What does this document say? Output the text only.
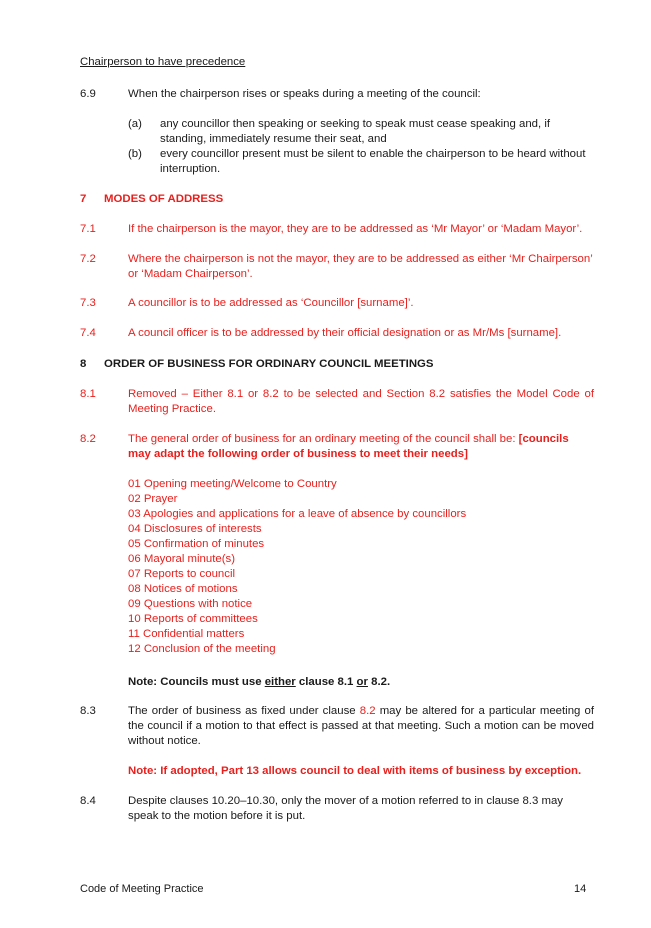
Chairperson to have precedence
6.9	When the chairperson rises or speaks during a meeting of the council:
(a) any councillor then speaking or seeking to speak must cease speaking and, if standing, immediately resume their seat, and
(b) every councillor present must be silent to enable the chairperson to be heard without interruption.
7 MODES OF ADDRESS
7.1	If the chairperson is the mayor, they are to be addressed as ‘Mr Mayor’ or ‘Madam Mayor’.
7.2	Where the chairperson is not the mayor, they are to be addressed as either ‘Mr Chairperson’ or ‘Madam Chairperson’.
7.3	A councillor is to be addressed as ‘Councillor [surname]’.
7.4	A council officer is to be addressed by their official designation or as Mr/Ms [surname].
8 ORDER OF BUSINESS FOR ORDINARY COUNCIL MEETINGS
8.1	Removed – Either 8.1 or 8.2 to be selected and Section 8.2 satisfies the Model Code of Meeting Practice.
8.2	The general order of business for an ordinary meeting of the council shall be: [councils may adapt the following order of business to meet their needs]
01 Opening meeting/Welcome to Country
02 Prayer
03 Apologies and applications for a leave of absence by councillors
04 Disclosures of interests
05 Confirmation of minutes
06 Mayoral minute(s)
07 Reports to council
08 Notices of motions
09 Questions with notice
10 Reports of committees
11 Confidential matters
12 Conclusion of the meeting
Note: Councils must use either clause 8.1 or 8.2.
8.3	The order of business as fixed under clause 8.2 may be altered for a particular meeting of the council if a motion to that effect is passed at that meeting. Such a motion can be moved without notice.
Note: If adopted, Part 13 allows council to deal with items of business by exception.
8.4	Despite clauses 10.20–10.30, only the mover of a motion referred to in clause 8.3 may speak to the motion before it is put.
Code of Meeting Practice	14
